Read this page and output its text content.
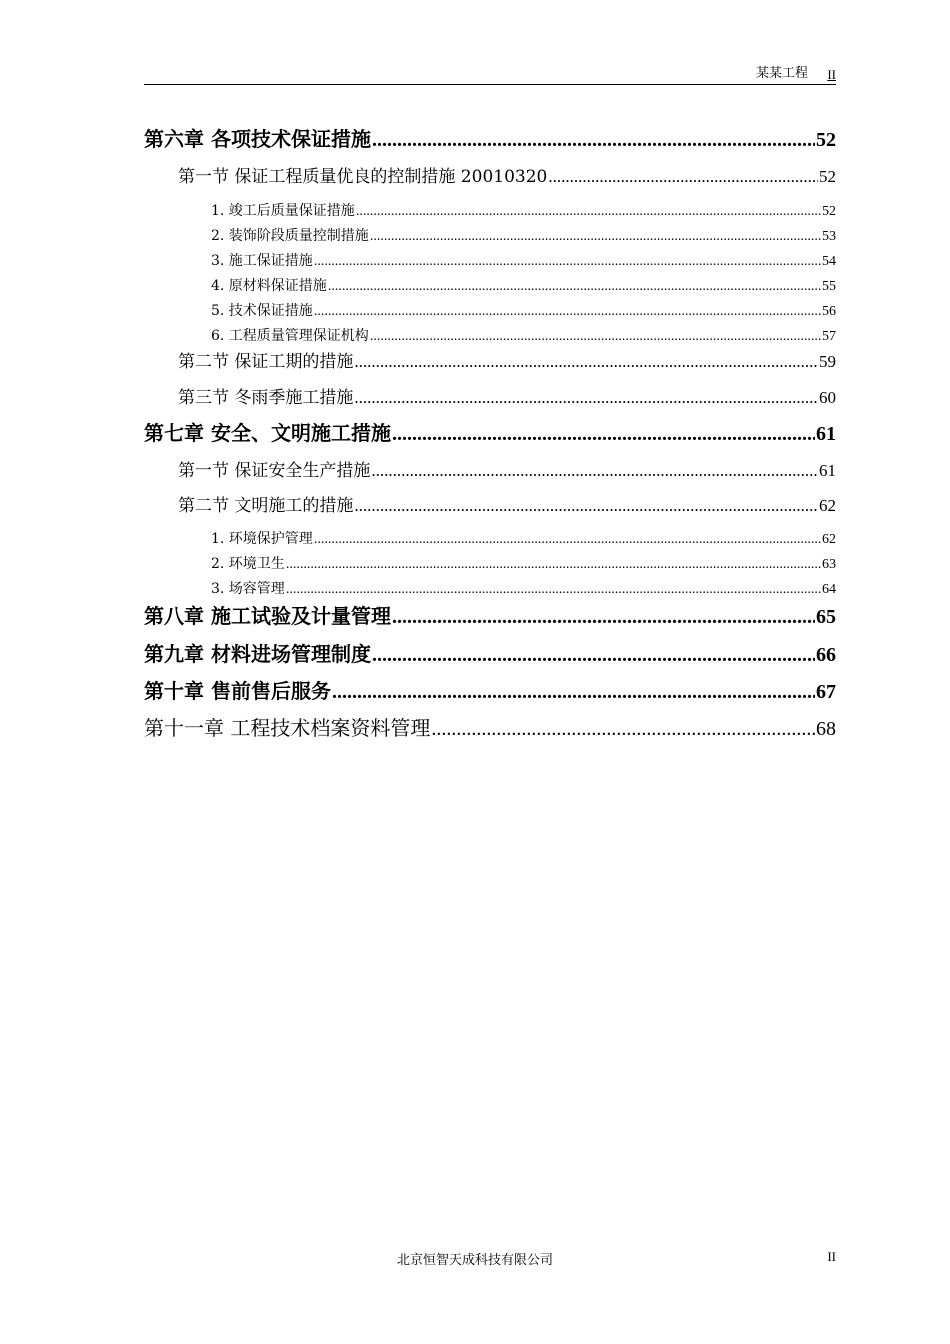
某某工程 II
第六章 各项技术保证措施 .....	52
第一节 保证工程质量优良的控制措施 20010320 .....	52
1. 竣工后质量保证措施 .....	52
2. 装饰阶段质量控制措施 .....	53
3. 施工保证措施 .....	54
4. 原材料保证措施 .....	55
5. 技术保证措施 .....	56
6. 工程质量管理保证机构 .....	57
第二节 保证工期的措施 .....	59
第三节 冬雨季施工措施 .....	60
第七章 安全、文明施工措施 .....	61
第一节 保证安全生产措施 .....	61
第二节 文明施工的措施 .....	62
1. 环境保护管理 .....	62
2. 环境卫生 .....	63
3. 场容管理 .....	64
第八章 施工试验及计量管理 .....	65
第九章 材料进场管理制度 .....	66
第十章 售前售后服务 .....	67
第十一章 工程技术档案资料管理 .....	68
北京恒智天成科技有限公司	II
